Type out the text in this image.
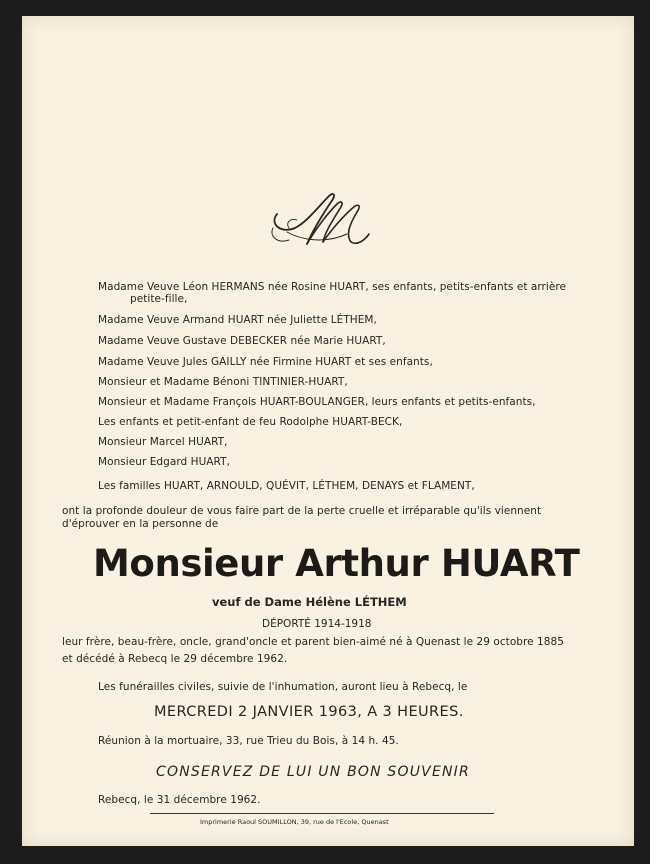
Madame Veuve Léon HERMANS née Rosine HUART, ses enfants, petits-enfants et arrière
petite-fille,
Madame Veuve Armand HUART née Juliette LÉTHEM,
Madame Veuve Gustave DEBECKER née Marie HUART,
Madame Veuve Jules GAILLY née Firmine HUART et ses enfants,
Monsieur et Madame Bénoni TINTINIER-HUART,
Monsieur et Madame François HUART-BOULANGER, leurs enfants et petits-enfants,
Les enfants et petit-enfant de feu Rodolphe HUART-BECK,
Monsieur Marcel HUART,
Monsieur Edgard HUART,
Les familles HUART, ARNOULD, QUÉVIT, LÉTHEM, DENAYS et FLAMENT,
ont la profonde douleur de vous faire part de la perte cruelle et irréparable qu'ils viennent
d'éprouver en la personne de
Monsieur Arthur HUART
veuf de Dame Hélène LÉTHEM
DÉPORTÉ 1914-1918
leur frère, beau-frère, oncle, grand'oncle et parent bien-aimé né à Quenast le 29 octobre 1885
et décédé à Rebecq le 29 décembre 1962.
Les funérailles civiles, suivie de l'inhumation, auront lieu à Rebecq, le
MERCREDI 2 JANVIER 1963, A 3 HEURES.
Réunion à la mortuaire, 33, rue Trieu du Bois, à 14 h. 45.
CONSERVEZ DE LUI UN BON SOUVENIR
Rebecq, le 31 décembre 1962.
Imprimerie Raoul SOUMILLON, 39, rue de l'Ecole, Quenast
